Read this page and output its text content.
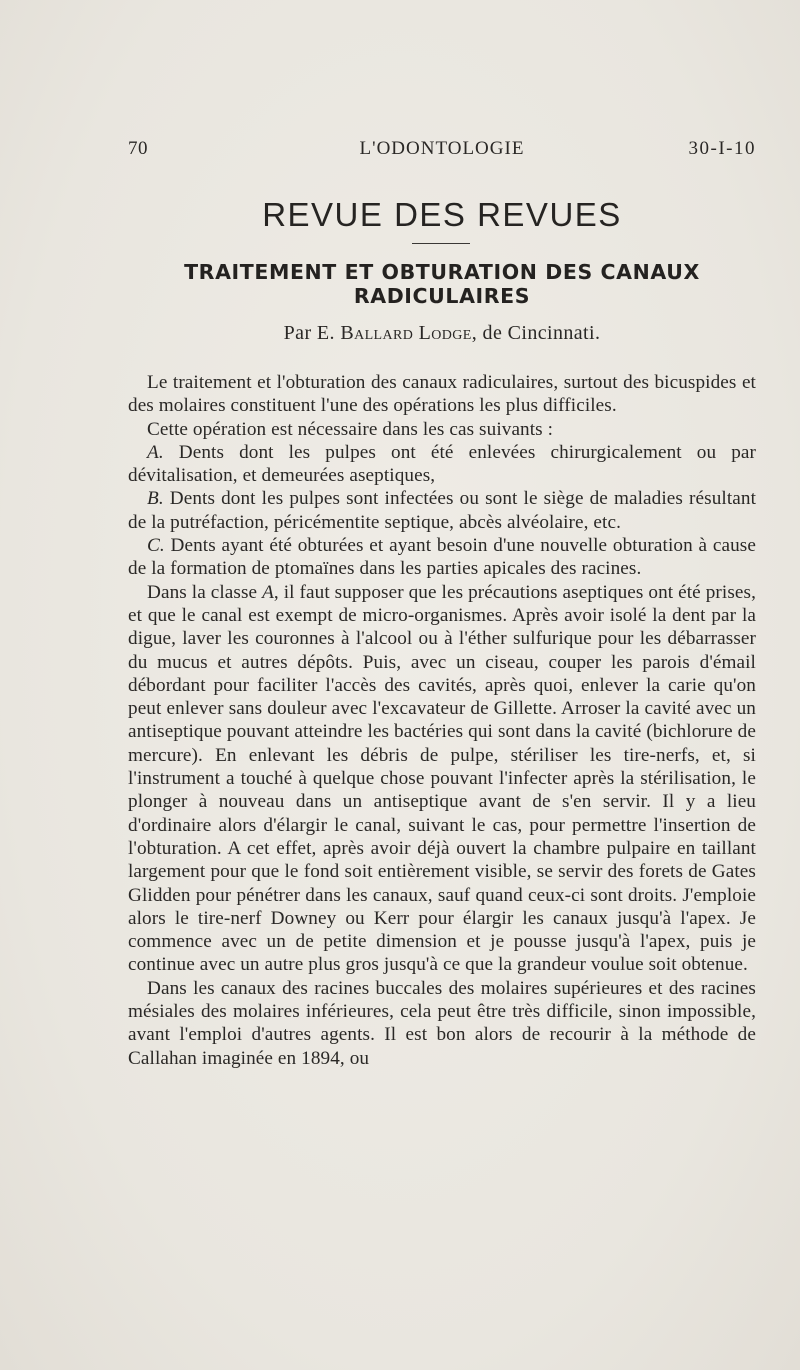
70	L'ODONTOLOGIE	30-I-10
REVUE DES REVUES
TRAITEMENT ET OBTURATION DES CANAUX RADICULAIRES
Par E. Ballard Lodge, de Cincinnati.

Le traitement et l'obturation des canaux radiculaires, surtout des bicuspides et des molaires constituent l'une des opérations les plus difficiles.

Cette opération est nécessaire dans les cas suivants :

A. Dents dont les pulpes ont été enlevées chirurgicalement ou par dévitalisation, et demeurées aseptiques,

B. Dents dont les pulpes sont infectées ou sont le siège de maladies résultant de la putréfaction, péricémentite septique, abcès alvéolaire, etc.

C. Dents ayant été obturées et ayant besoin d'une nouvelle obturation à cause de la formation de ptomaïnes dans les parties apicales des racines.

Dans la classe A, il faut supposer que les précautions aseptiques ont été prises, et que le canal est exempt de micro-organismes. Après avoir isolé la dent par la digue, laver les couronnes à l'alcool ou à l'éther sulfurique pour les débarrasser du mucus et autres dépôts. Puis, avec un ciseau, couper les parois d'émail débordant pour faciliter l'accès des cavités, après quoi, enlever la carie qu'on peut enlever sans douleur avec l'excavateur de Gillette. Arroser la cavité avec un antiseptique pouvant atteindre les bactéries qui sont dans la cavité (bichlorure de mercure). En enlevant les débris de pulpe, stériliser les tire-nerfs, et, si l'instrument a touché à quelque chose pouvant l'infecter après la stérilisation, le plonger à nouveau dans un antiseptique avant de s'en servir. Il y a lieu d'ordinaire alors d'élargir le canal, suivant le cas, pour permettre l'insertion de l'obturation. A cet effet, après avoir déjà ouvert la chambre pulpaire en taillant largement pour que le fond soit entièrement visible, se servir des forets de Gates Glidden pour pénétrer dans les canaux, sauf quand ceux-ci sont droits. J'emploie alors le tire-nerf Downey ou Kerr pour élargir les canaux jusqu'à l'apex. Je commence avec un de petite dimension et je pousse jusqu'à l'apex, puis je continue avec un autre plus gros jusqu'à ce que la grandeur voulue soit obtenue.

Dans les canaux des racines buccales des molaires supérieures et des racines mésiales des molaires inférieures, cela peut être très difficile, sinon impossible, avant l'emploi d'autres agents. Il est bon alors de recourir à la méthode de Callahan imaginée en 1894, ou
